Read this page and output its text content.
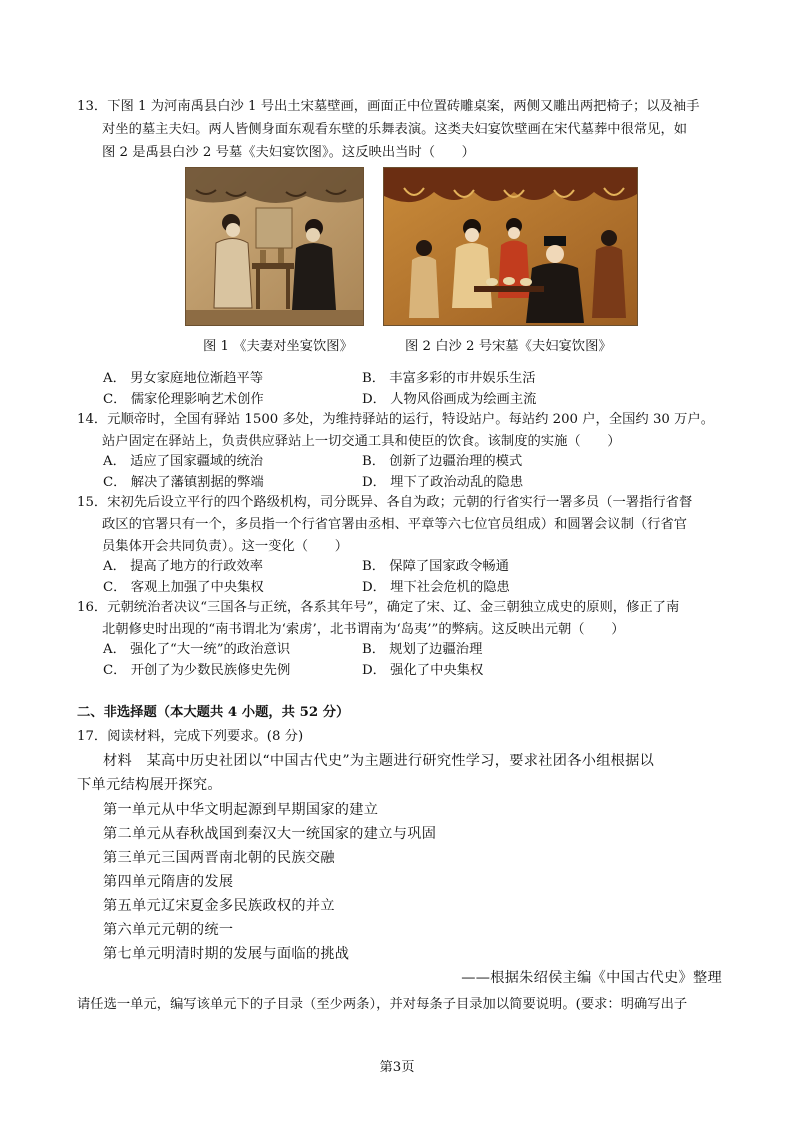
13．下图 1 为河南禹县白沙 1 号出土宋墓壁画，画面正中位置砖雕桌案，两侧又雕出两把椅子；以及袖手
对坐的墓主夫妇。两人皆侧身面东观看东壁的乐舞表演。这类夫妇宴饮壁画在宋代墓葬中很常见，如
图 2 是禹县白沙 2 号墓《夫妇宴饮图》。这反映出当时（　　）
图 1 《夫妻对坐宴饮图》	图 2 白沙 2 号宋墓《夫妇宴饮图》
A． 男女家庭地位渐趋平等	B． 丰富多彩的市井娱乐生活
C． 儒家伦理影响艺术创作	D． 人物风俗画成为绘画主流
14．元顺帝时，全国有驿站 1500 多处，为维持驿站的运行，特设站户。每站约 200 户，全国约 30 万户。
站户固定在驿站上，负责供应驿站上一切交通工具和使臣的饮食。该制度的实施（　　）
A． 适应了国家疆域的统治	B． 创新了边疆治理的模式
C． 解决了藩镇割据的弊端	D． 埋下了政治动乱的隐患
15．宋初先后设立平行的四个路级机构，司分既异、各自为政；元朝的行省实行一署多员（一署指行省督
政区的官署只有一个，多员指一个行省官署由丞相、平章等六七位官员组成）和圆署会议制（行省官
员集体开会共同负责）。这一变化（　　）
A． 提高了地方的行政效率	B． 保障了国家政令畅通
C． 客观上加强了中央集权	D． 埋下社会危机的隐患
16．元朝统治者决议“三国各与正统，各系其年号”，确定了宋、辽、金三朝独立成史的原则，修正了南
北朝修史时出现的“南书谓北为‘索虏’，北书谓南为‘岛夷’”的弊病。这反映出元朝（　　）
A． 强化了“大一统”的政治意识	B． 规划了边疆治理
C． 开创了为少数民族修史先例	D． 强化了中央集权
二、非选择题（本大题共 4 小题，共 52 分）
17．阅读材料，完成下列要求。(8 分)
材料　某高中历史社团以“中国古代史”为主题进行研究性学习，要求社团各小组根据以
下单元结构展开探究。
第一单元从中华文明起源到早期国家的建立
第二单元从春秋战国到秦汉大一统国家的建立与巩固
第三单元三国两晋南北朝的民族交融
第四单元隋唐的发展
第五单元辽宋夏金多民族政权的并立
第六单元元朝的统一
第七单元明清时期的发展与面临的挑战
——根据朱绍侯主编《中国古代史》整理
请任选一单元，编写该单元下的子目录（至少两条），并对每条子目录加以简要说明。(要求：明确写出子
第3页
